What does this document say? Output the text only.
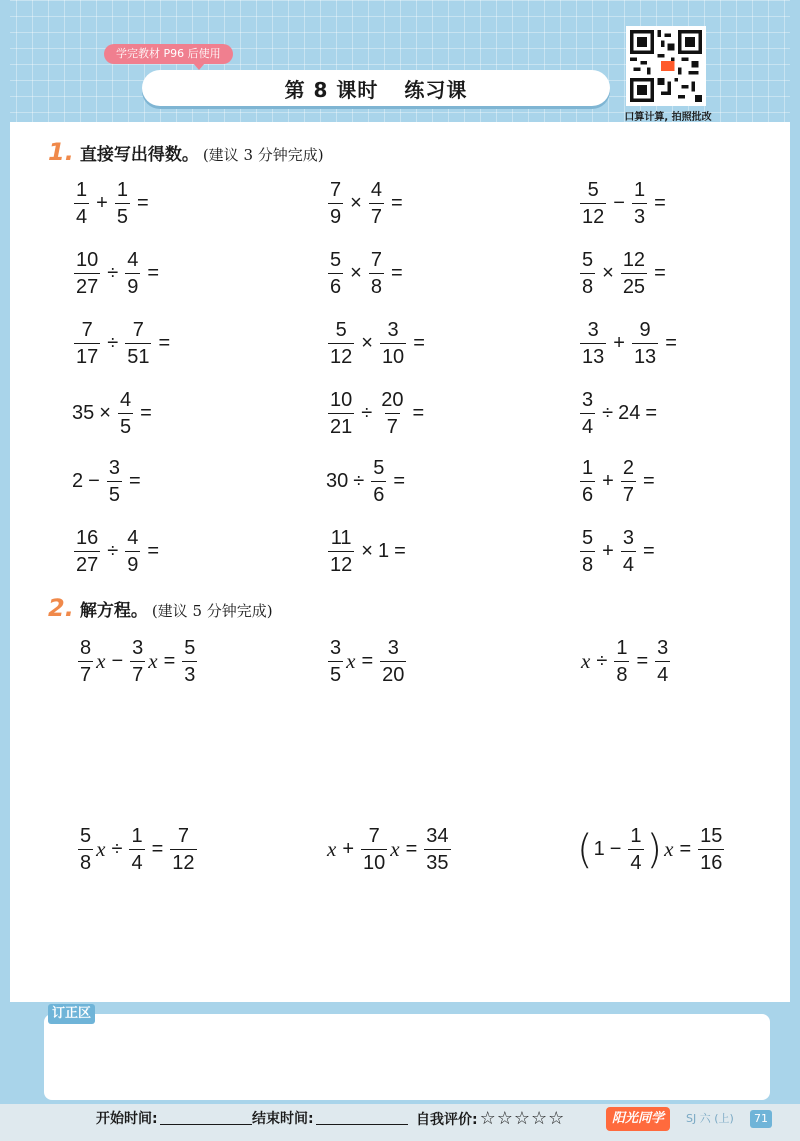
学完教材 P96 后使用
第 8 课时 练习课
口算计算, 拍照批改
1. 直接写出得数。 (建议 3 分钟完成)
$\frac{1}{4} + \frac{1}{5}$ =	$\frac{7}{9} \times \frac{4}{7}$ =	$\frac{5}{12} - \frac{1}{3}$ =
$\frac{10}{27} \div \frac{4}{9}$ =	$\frac{5}{6} \times \frac{7}{8}$ =	$\frac{5}{8} \times \frac{12}{25}$ =
$\frac{7}{17} \div \frac{7}{51}$ =	$\frac{5}{12} \times \frac{3}{10}$ =	$\frac{3}{13} + \frac{9}{13}$ =
$35 \times \frac{4}{5}$ =	$\frac{10}{21} \div \frac{20}{7}$ =	$\frac{3}{4} \div 24$ =
$2 - \frac{3}{5}$ =	$30 \div \frac{5}{6}$ =	$\frac{1}{6} + \frac{2}{7}$ =
$\frac{16}{27} \div \frac{4}{9}$ =	$\frac{11}{12} \times 1$ =	$\frac{5}{8} + \frac{3}{4}$ =
2. 解方程。 (建议 5 分钟完成)
$\frac{8}{7}$ $x - \frac{3}{7}$ $x = \frac{5}{3}$	$\frac{3}{5}$ $x = \frac{3}{20}$	$x \div \frac{1}{8} = \frac{3}{4}$
$\frac{5}{8}$ $x \div \frac{1}{4} = \frac{7}{12}$	$x + \frac{7}{10}$ $x = \frac{34}{35}$	( $1 - \frac{1}{4}$ ) $x = \frac{15}{16}$
订正区
开始时间:	结束时间:	自我评价: ☆☆☆☆☆	阳光同学	SJ 六 (上)	71
